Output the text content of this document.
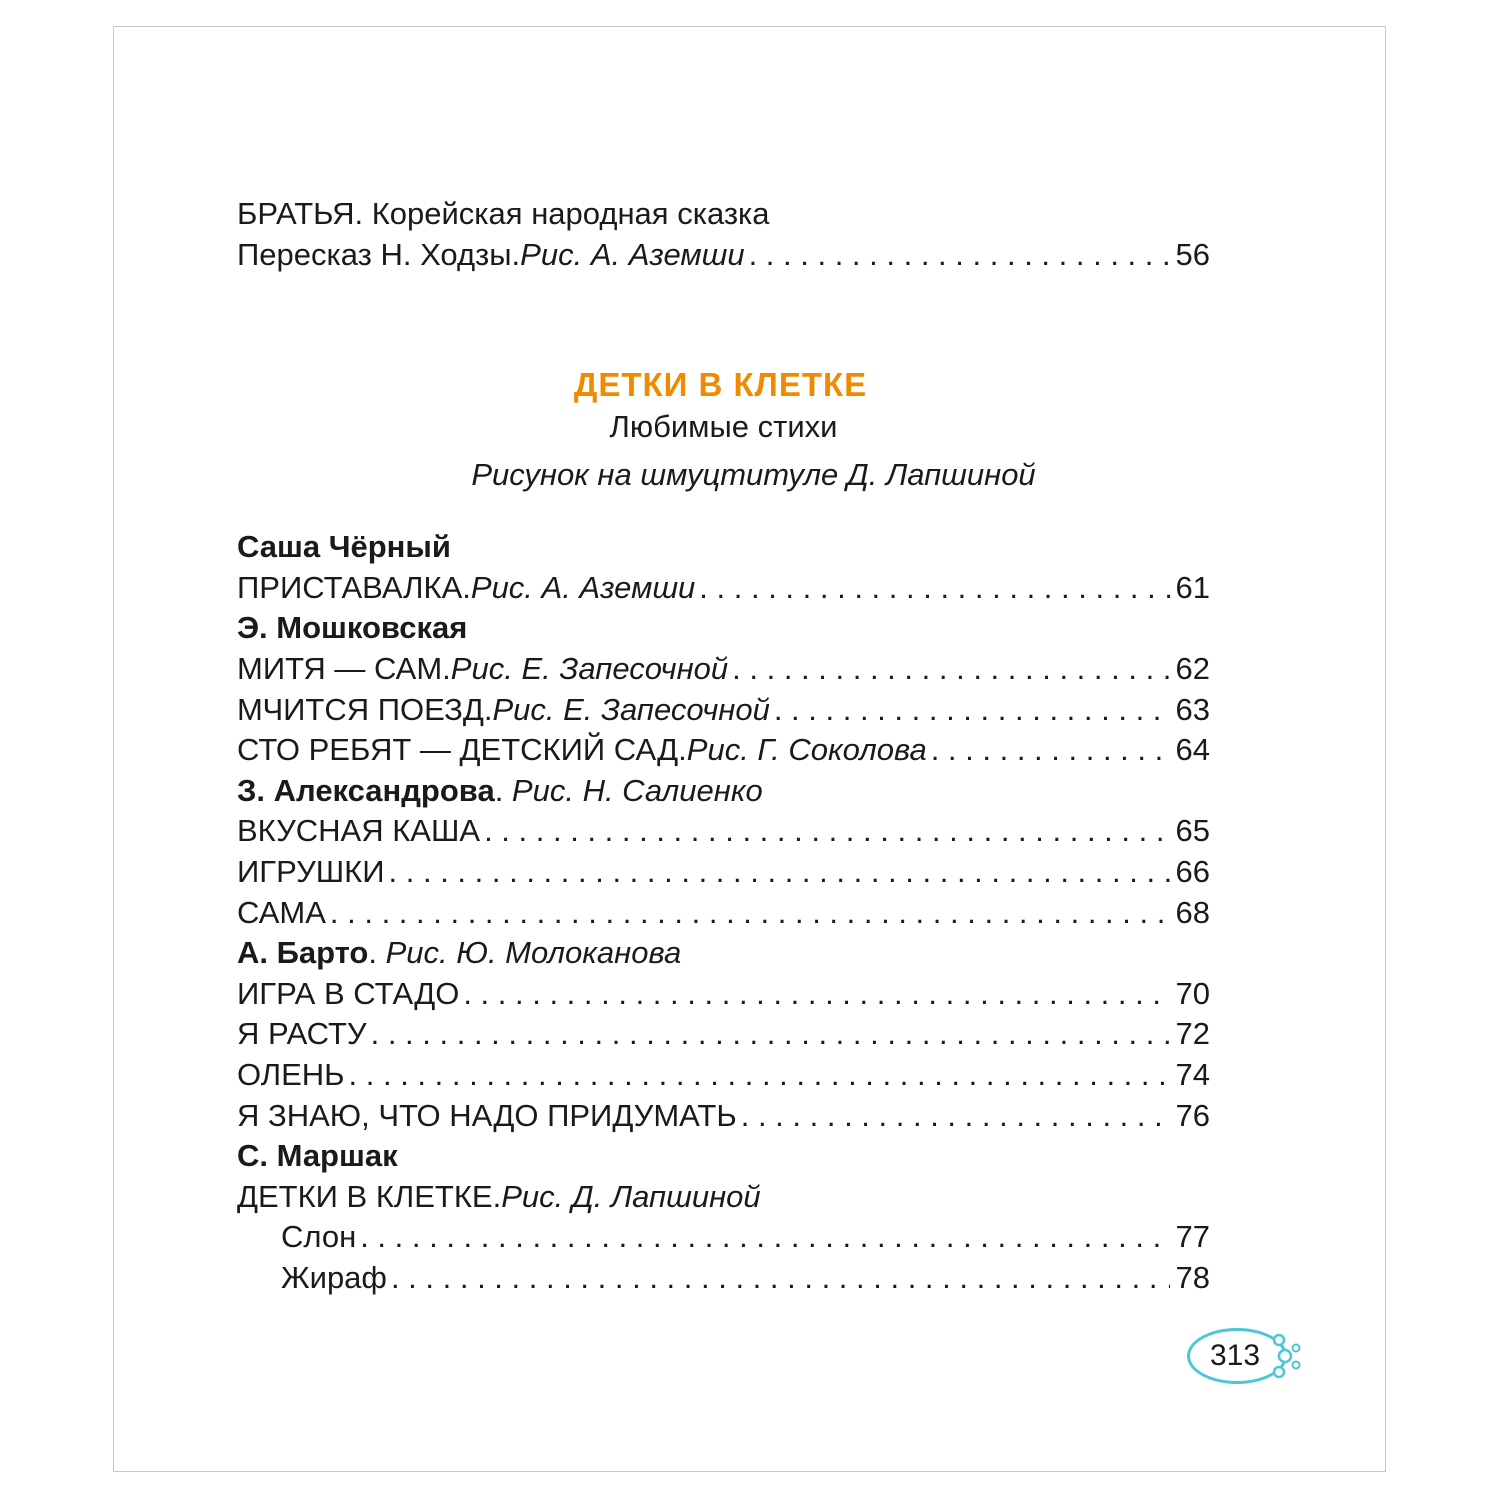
БРАТЬЯ . Корейская народная сказка
Пересказ Н. Ходзы. Рис. А. Аземши . . .	56
ДЕТКИ В КЛЕТКЕ
Любимые стихи
Рисунок на шмуцтитуле Д. Лапшиной
Саша Чёрный
ПРИСТАВАЛКА. Рис. А. Аземши . . .	61
Э. Мошковская
МИТЯ — САМ. Рис. Е. Запесочной . . .	62
МЧИТСЯ ПОЕЗД. Рис. Е. Запесочной . . .	63
СТО РЕБЯТ — ДЕТСКИЙ САД. Рис. Г. Соколова . . .	64
З. Александрова . Рис. Н. Салиенко
ВКУСНАЯ КАША . . .	65
ИГРУШКИ . . .	66
САМА . . .	68
А. Барто . Рис. Ю. Молоканова
ИГРА В СТАДО . . .	70
Я РАСТУ . . .	72
ОЛЕНЬ . . .	74
Я ЗНАЮ, ЧТО НАДО ПРИДУМАТЬ . . .	76
С. Маршак
ДЕТКИ В КЛЕТКЕ. Рис. Д. Лапшиной
Слон . . .	77
Жираф . . .	78
313
